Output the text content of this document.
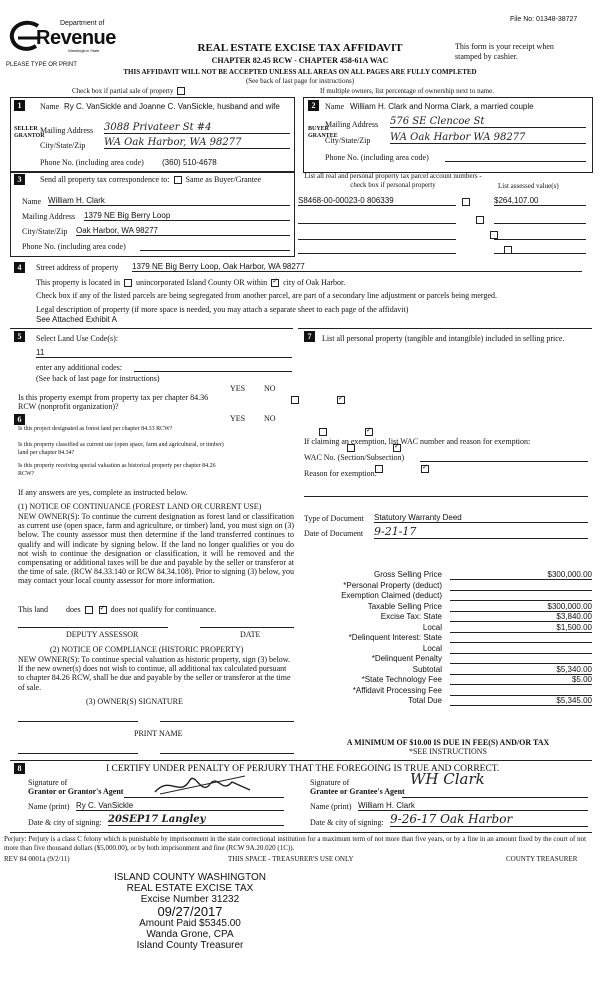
File No: 01348-38727
Department of
Revenue
Washington State
PLEASE TYPE OR PRINT
REAL ESTATE EXCISE TAX AFFIDAVIT
CHAPTER 82.45 RCW - CHAPTER 458-61A WAC
This form is your receipt when stamped by cashier.
THIS AFFIDAVIT WILL NOT BE ACCEPTED UNLESS ALL AREAS ON ALL PAGES ARE FULLY COMPLETED
(See back of last page for instructions)
Check box if partial sale of property	If multiple owners, list percentage of ownership next to name.
1	2
SELLER GRANTOR
BUYER GRANTEE
Name Ry C. VanSickle and Joanne C. VanSickle, husband and wife
Mailing Address 3088 Privateer St #4
City/State/Zip WA Oak Harbor, WA 98277
Phone No. (including area code) (360) 510-4678
Name William H. Clark and Norma Clark, a married couple
Mailing Address 576 SE Clencoe St
City/State/Zip WA Oak Harbor WA 98277
Phone No. (including area code)
3	Send all property tax correspondence to: Same as Buyer/Grantee
Name William H. Clark
Mailing Address 1379 NE Big Berry Loop
City/State/Zip Oak Harbor, WA 98277
Phone No. (including area code)
List all real and personal property tax parcel account numbers - check box if personal property	List assessed value(s)
S8468-00-00023-0 806339
	$264,107.00

4	Street address of property 1379 NE Big Berry Loop, Oak Harbor, WA 98277
This property is located in unincorporated Island County OR within ✓ city of Oak Harbor.
Check box if any of the listed parcels are being segregated from another parcel, are part of a secondary line adjustment or parcels being merged.
Legal description of property (if more space is needed, you may attach a separate sheet to each page of the affidavit)
See Attached Exhibit A
5	Select Land Use Code(s):
11
enter any additional codes:
(See back of last page for instructions)
YES NO
Is this property exempt from property tax per chapter 84.36 RCW (nonprofit organization)?
✓
6	YES NO
Is this project designated as forest land per chapter 84.33 RCW?
✓
Is this property classified as current use (open space, farm and agricultural, or timber) land per chapter 84.34?
✓
Is this property receiving special valuation as historical property per chapter 84.26 RCW?
✓
If any answers are yes, complete as instructed below.
(1) NOTICE OF CONTINUANCE (FOREST LAND OR CURRENT USE)
NEW OWNER(S): To continue the current designation as forest land or classification as current use (open space, farm and agriculture, or timber) land, you must sign on (3) below. The county assessor must then determine if the land transferred continues to qualify and will indicate by signing below. If the land no longer qualifies or you do not wish to continue the designation or classification, it will be removed and the compensating or additional taxes will be due and payable by the seller or transferor at the time of sale. (RCW 84.33.140 or RCW 84.34.108). Prior to signing (3) below, you may contact your local county assessor for more information.
This land does ✓	does not qualify for continuance.
DEPUTY ASSESSOR	DATE
(2) NOTICE OF COMPLIANCE (HISTORIC PROPERTY)
NEW OWNER(S): To continue special valuation as historic property, sign (3) below. If the new owner(s) does not wish to continue, all additional tax calculated pursuant to chapter 84.26 RCW, shall be due and payable by the seller or transferor at the time of sale.
(3) OWNER(S) SIGNATURE
PRINT NAME
7	List all personal property (tangible and intangible) included in selling price.
If claiming an exemption, list WAC number and reason for exemption:
WAC No. (Section/Subsection)
Reason for exemption:
Type of Document Statutory Warranty Deed
Date of Document 9-21-17
Gross Selling Price	$300,000.00
*Personal Property (deduct)
Exemption Claimed (deduct)
Taxable Selling Price	$300,000.00
Excise Tax: State	$3,840.00
Local	$1,500.00
*Delinquent Interest: State
Local
*Delinquent Penalty
Subtotal	$5,340.00
*State Technology Fee	$5.00
*Affidavit Processing Fee
Total Due	$5,345.00
A MINIMUM OF $10.00 IS DUE IN FEE(S) AND/OR TAX
*SEE INSTRUCTIONS
8	I CERTIFY UNDER PENALTY OF PERJURY THAT THE FOREGOING IS TRUE AND CORRECT.
Signature of
Grantor or Grantor's Agent
Signature of
Grantee or Grantee's Agent
WH Clark
Name (print) Ry C. VanSickle	Name (print) William H. Clark
Date & city of signing: 20SEP17 Langley	Date & city of signing: 9-26-17 Oak Harbor
Perjury: Perjury is a class C felony which is punishable by imprisonment in the state correctional institution for a maximum term of not more than five years, or by a fine in an amount fixed by the court of not more than five thousand dollars ($5,000.00), or by both imprisonment and fine (RCW 9A.20.020 (1C)).
REV 84 0001a (9/2/11)	THIS SPACE - TREASURER'S USE ONLY	COUNTY TREASURER
ISLAND COUNTY WASHINGTON
REAL ESTATE EXCISE TAX
Excise Number 31232
09/27/2017
Amount Paid $5345.00
Wanda Grone, CPA
Island County Treasurer
